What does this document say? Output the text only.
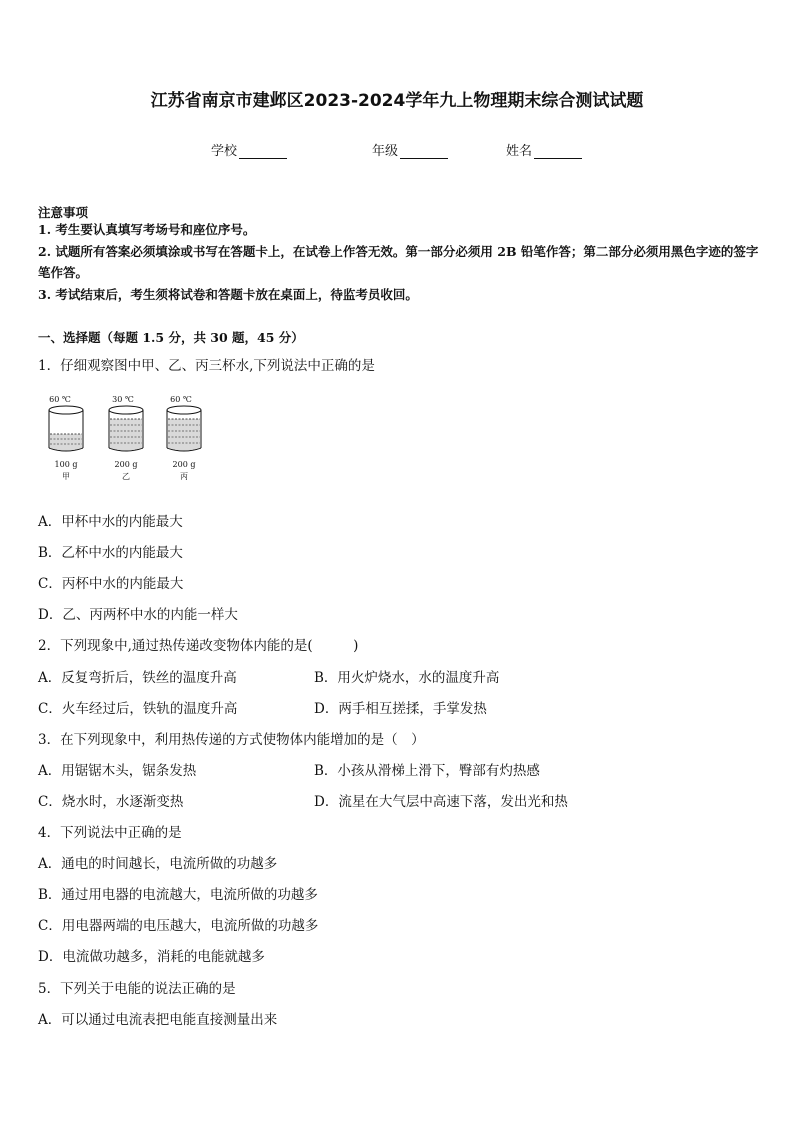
江苏省南京市建邺区2023-2024学年九上物理期末综合测试试题
学校	年级	姓名
注意事项
1. 考生要认真填写考场号和座位序号。
2. 试题所有答案必须填涂或书写在答题卡上，在试卷上作答无效。第一部分必须用 2B 铅笔作答；第二部分必须用黑色字迹的签字笔作答。
3. 考试结束后，考生须将试卷和答题卡放在桌面上，待监考员收回。
一、选择题（每题 1.5 分，共 30 题，45 分）
1．仔细观察图中甲、乙、丙三杯水,下列说法中正确的是
60 ℃
100 g
甲
30 ℃
200 g
乙
60 ℃
200 g
丙
A．甲杯中水的内能最大
B．乙杯中水的内能最大
C．丙杯中水的内能最大
D．乙、丙两杯中水的内能一样大
2．下列现象中,通过热传递改变物体内能的是(　　　)
A．反复弯折后，铁丝的温度升高	B．用火炉烧水，水的温度升高
C．火车经过后，铁轨的温度升高	D．两手相互搓揉，手掌发热
3．在下列现象中，利用热传递的方式使物体内能增加的是（　）
A．用锯锯木头，锯条发热	B．小孩从滑梯上滑下，臀部有灼热感
C．烧水时，水逐渐变热	D．流星在大气层中高速下落，发出光和热
4．下列说法中正确的是
A．通电的时间越长，电流所做的功越多
B．通过用电器的电流越大，电流所做的功越多
C．用电器两端的电压越大，电流所做的功越多
D．电流做功越多，消耗的电能就越多
5．下列关于电能的说法正确的是
A．可以通过电流表把电能直接测量出来
